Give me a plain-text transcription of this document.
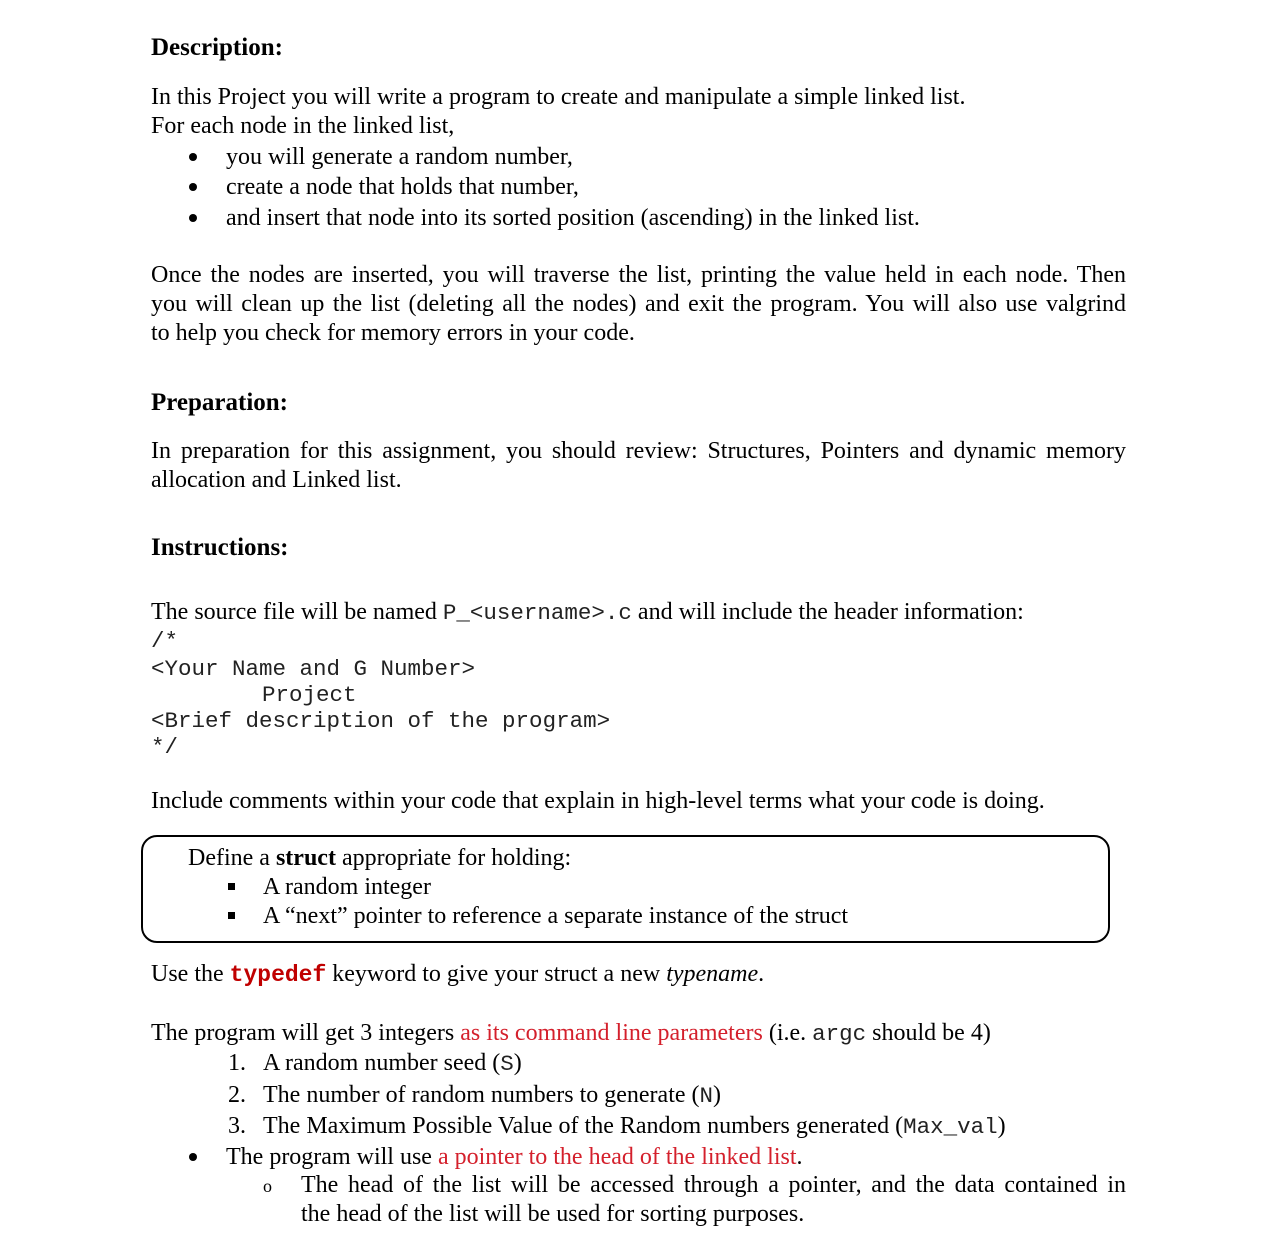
Description:
In this Project you will write a program to create and manipulate a simple linked list.
For each node in the linked list,
you will generate a random number,
create a node that holds that number,
and insert that node into its sorted position (ascending) in the linked list.
Once the nodes are inserted, you will traverse the list, printing the value held in each node. Then
you will clean up the list (deleting all the nodes) and exit the program. You will also use valgrind
to help you check for memory errors in your code.
Preparation:
In preparation for this assignment, you should review: Structures, Pointers and dynamic memory
allocation and Linked list.
Instructions:
The source file will be named P_<username>.c and will include the header information:
/*
<Your Name and G Number>
Project
<Brief description of the program>
*/
Include comments within your code that explain in high-level terms what your code is doing.
Define a struct appropriate for holding:
A random integer
A “next” pointer to reference a separate instance of the struct
Use the typedef keyword to give your struct a new typename.
The program will get 3 integers as its command line parameters (i.e. argc should be 4)
1. A random number seed (S)
2. The number of random numbers to generate (N)
3. The Maximum Possible Value of the Random numbers generated (Max_val)
The program will use a pointer to the head of the linked list.
o The head of the list will be accessed through a pointer, and the data contained in
the head of the list will be used for sorting purposes.
